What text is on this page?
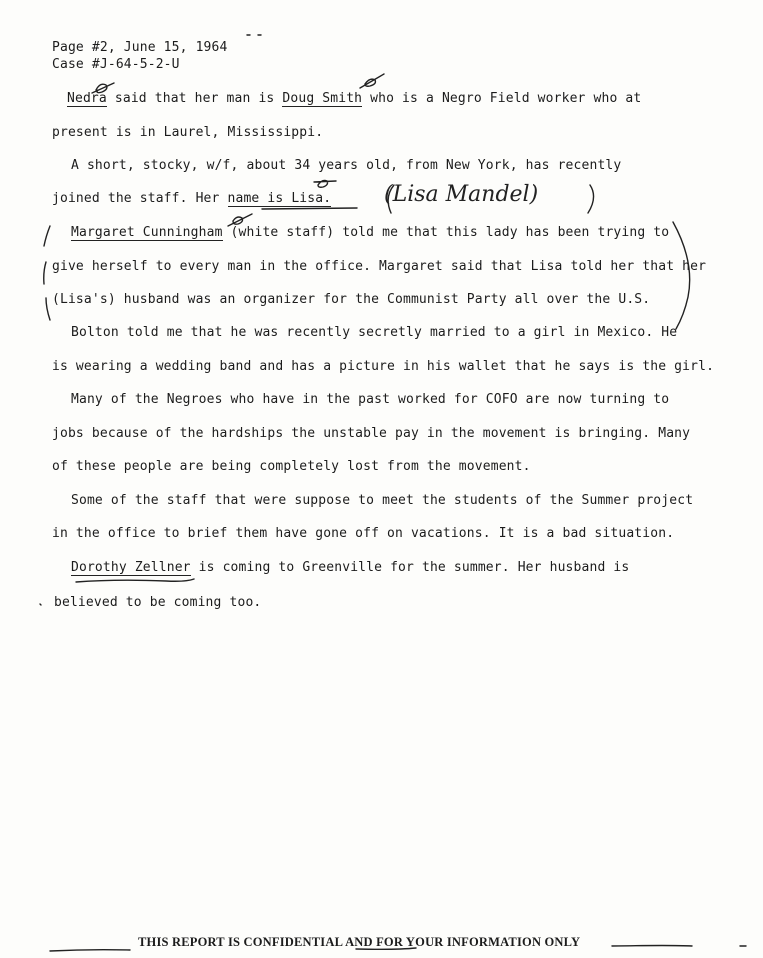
Page #2, June 15, 1964
Case #J-64-5-2-U
Nedra said that her man is Doug Smith who is a Negro Field worker who at
present is in Laurel, Mississippi.
A short, stocky, w/f, about 34 years old, from New York, has recently
joined the staff. Her name is Lisa. (Lisa Mandel)
Margaret Cunningham (white staff) told me that this lady has been trying to
give herself to every man in the office. Margaret said that Lisa told her that her
(Lisa's) husband was an organizer for the Communist Party all over the U.S.
Bolton told me that he was recently secretly married to a girl in Mexico. He
is wearing a wedding band and has a picture in his wallet that he says is the girl.
Many of the Negroes who have in the past worked for COFO are now turning to
jobs because of the hardships the unstable pay in the movement is bringing. Many
of these people are being completely lost from the movement.
Some of the staff that were suppose to meet the students of the Summer project
in the office to brief them have gone off on vacations. It is a bad situation.
Dorothy Zellner is coming to Greenville for the summer. Her husband is
believed to be coming too.
THIS REPORT IS CONFIDENTIAL AND FOR YOUR INFORMATION ONLY
